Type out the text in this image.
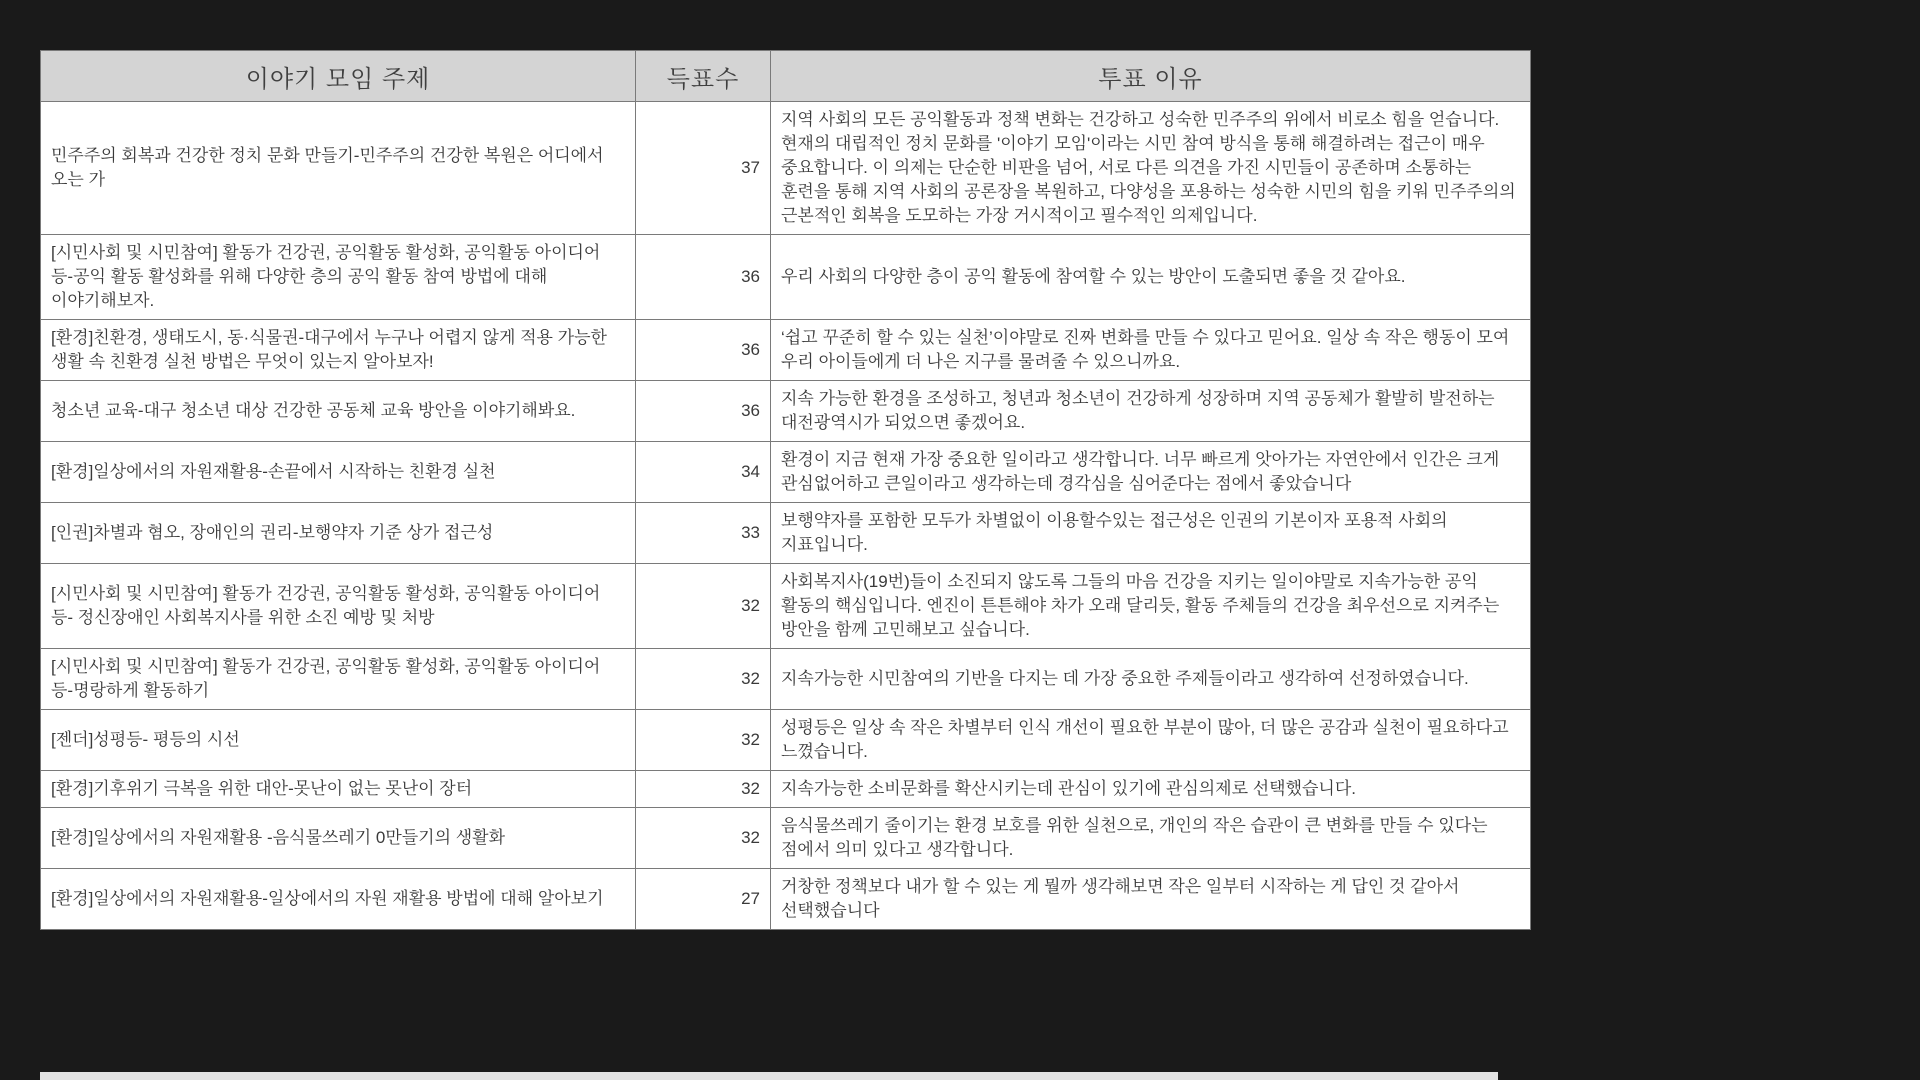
이야기 모임 주제	득표수	투표 이유
민주주의 회복과 건강한 정치 문화 만들기-민주주의 건강한 복원은 어디에서 오는 가	37	지역 사회의 모든 공익활동과 정책 변화는 건강하고 성숙한 민주주의 위에서 비로소 힘을 얻습니다. 현재의 대립적인 정치 문화를 '이야기 모임'이라는 시민 참여 방식을 통해 해결하려는 접근이 매우 중요합니다. 이 의제는 단순한 비판을 넘어, 서로 다른 의견을 가진 시민들이 공존하며 소통하는 훈련을 통해 지역 사회의 공론장을 복원하고, 다양성을 포용하는 성숙한 시민의 힘을 키워 민주주의의 근본적인 회복을 도모하는 가장 거시적이고 필수적인 의제입니다.
[시민사회 및 시민참여] 활동가 건강권, 공익활동 활성화, 공익활동 아이디어 등-공익 활동 활성화를 위해 다양한 층의 공익 활동 참여 방법에 대해 이야기해보자.	36	우리 사회의 다양한 층이 공익 활동에 참여할 수 있는 방안이 도출되면 좋을 것 같아요.
[환경]친환경, 생태도시, 동·식물권-대구에서 누구나 어렵지 않게 적용 가능한 생활 속 친환경 실천 방법은 무엇이 있는지 알아보자!	36	‘쉽고 꾸준히 할 수 있는 실천’이야말로 진짜 변화를 만들 수 있다고 믿어요. 일상 속 작은 행동이 모여 우리 아이들에게 더 나은 지구를 물려줄 수 있으니까요.
청소년 교육-대구 청소년 대상 건강한 공동체 교육 방안을 이야기해봐요.	36	지속 가능한 환경을 조성하고, 청년과 청소년이 건강하게 성장하며 지역 공동체가 활발히 발전하는 대전광역시가 되었으면 좋겠어요.
[환경]일상에서의 자원재활용-손끝에서 시작하는 친환경 실천	34	환경이 지금 현재 가장 중요한 일이라고 생각합니다. 너무 빠르게 앗아가는 자연안에서 인간은 크게 관심없어하고 큰일이라고 생각하는데 경각심을 심어준다는 점에서 좋았습니다
[인권]차별과 혐오, 장애인의 권리-보행약자 기준 상가 접근성	33	보행약자를 포함한 모두가 차별없이 이용할수있는 접근성은 인권의 기본이자 포용적 사회의 지표입니다.
[시민사회 및 시민참여] 활동가 건강권, 공익활동 활성화, 공익활동 아이디어 등- 정신장애인 사회복지사를 위한 소진 예방 및 처방	32	사회복지사(19번)들이 소진되지 않도록 그들의 마음 건강을 지키는 일이야말로 지속가능한 공익 활동의 핵심입니다. 엔진이 튼튼해야 차가 오래 달리듯, 활동 주체들의 건강을 최우선으로 지켜주는 방안을 함께 고민해보고 싶습니다.
[시민사회 및 시민참여] 활동가 건강권, 공익활동 활성화, 공익활동 아이디어 등-명랑하게 활동하기	32	지속가능한 시민참여의 기반을 다지는 데 가장 중요한 주제들이라고 생각하여 선정하였습니다.
[젠더]성평등- 평등의 시선	32	성평등은 일상 속 작은 차별부터 인식 개선이 필요한 부분이 많아, 더 많은 공감과 실천이 필요하다고 느꼈습니다.
[환경]기후위기 극복을 위한 대안-못난이 없는 못난이 장터	32	지속가능한 소비문화를 확산시키는데 관심이 있기에 관심의제로 선택했습니다.
[환경]일상에서의 자원재활용 -음식물쓰레기 0만들기의 생활화	32	음식물쓰레기 줄이기는 환경 보호를 위한 실천으로, 개인의 작은 습관이 큰 변화를 만들 수 있다는 점에서 의미 있다고 생각합니다.
[환경]일상에서의 자원재활용-일상에서의 자원 재활용 방법에 대해 알아보기	27	거창한 정책보다 내가 할 수 있는 게 뭘까 생각해보면 작은 일부터 시작하는 게 답인 것 같아서 선택했습니다
